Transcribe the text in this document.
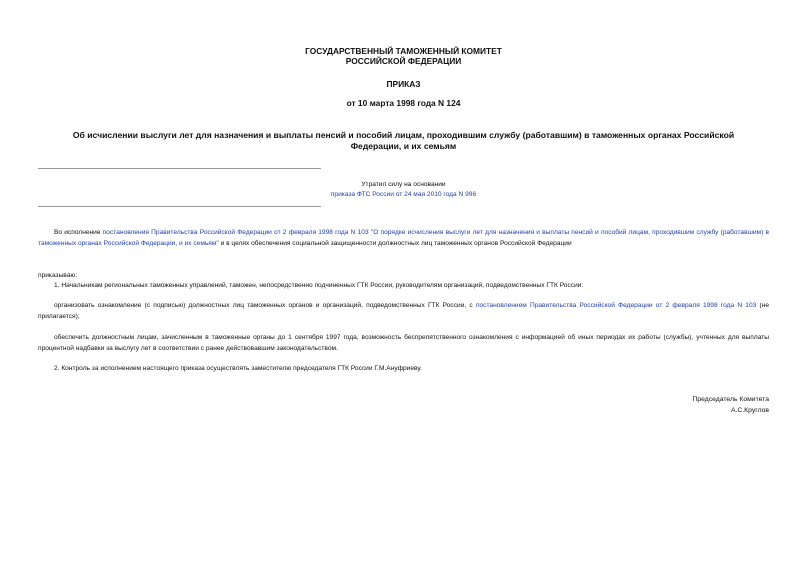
ГОСУДАРСТВЕННЫЙ ТАМОЖЕННЫЙ КОМИТЕТ
РОССИЙСКОЙ ФЕДЕРАЦИИ
ПРИКАЗ
от 10 марта 1998 года N 124
Об исчислении выслуги лет для назначения и выплаты пенсий и пособий лицам, проходившим службу (работавшим) в таможенных органах Российской
Федерации, и их семьям
Утратил силу на основании
приказа ФТС России от 24 мая 2010 года N 996
Во исполнение постановления Правительства Российской Федерации от 2 февраля 1998 года N 103 "О порядке исчисления выслуги лет для назначения и выплаты пенсий и пособий лицам, проходившим службу (работавшим) в таможенных органах Российской Федерации, и их семьям" и в целях обеспечения социальной защищенности должностных лиц таможенных органов Российской Федерации
приказываю:
1. Начальникам региональных таможенных управлений, таможен, непосредственно подчиненных ГТК России, руководителям организаций, подведомственных ГТК России:
организовать ознакомление (с подписью) должностных лиц таможенных органов и организаций, подведомственных ГТК России, с постановлением Правительства Российской Федерации от 2 февраля 1998 года N 103 (не прилагается);
обеспечить должностным лицам, зачисленным в таможенные органы до 1 сентября 1997 года, возможность беспрепятственного ознакомления с информацией об иных периодах их работы (службы), учтенных для выплаты процентной надбавки за выслугу лет в соответствии с ранее действовавшим законодательством.
2. Контроль за исполнением настоящего приказа осуществлять заместителю председателя ГТК России Г.М.Ануфриеву.
Председатель Комитета
А.С.Круглов
